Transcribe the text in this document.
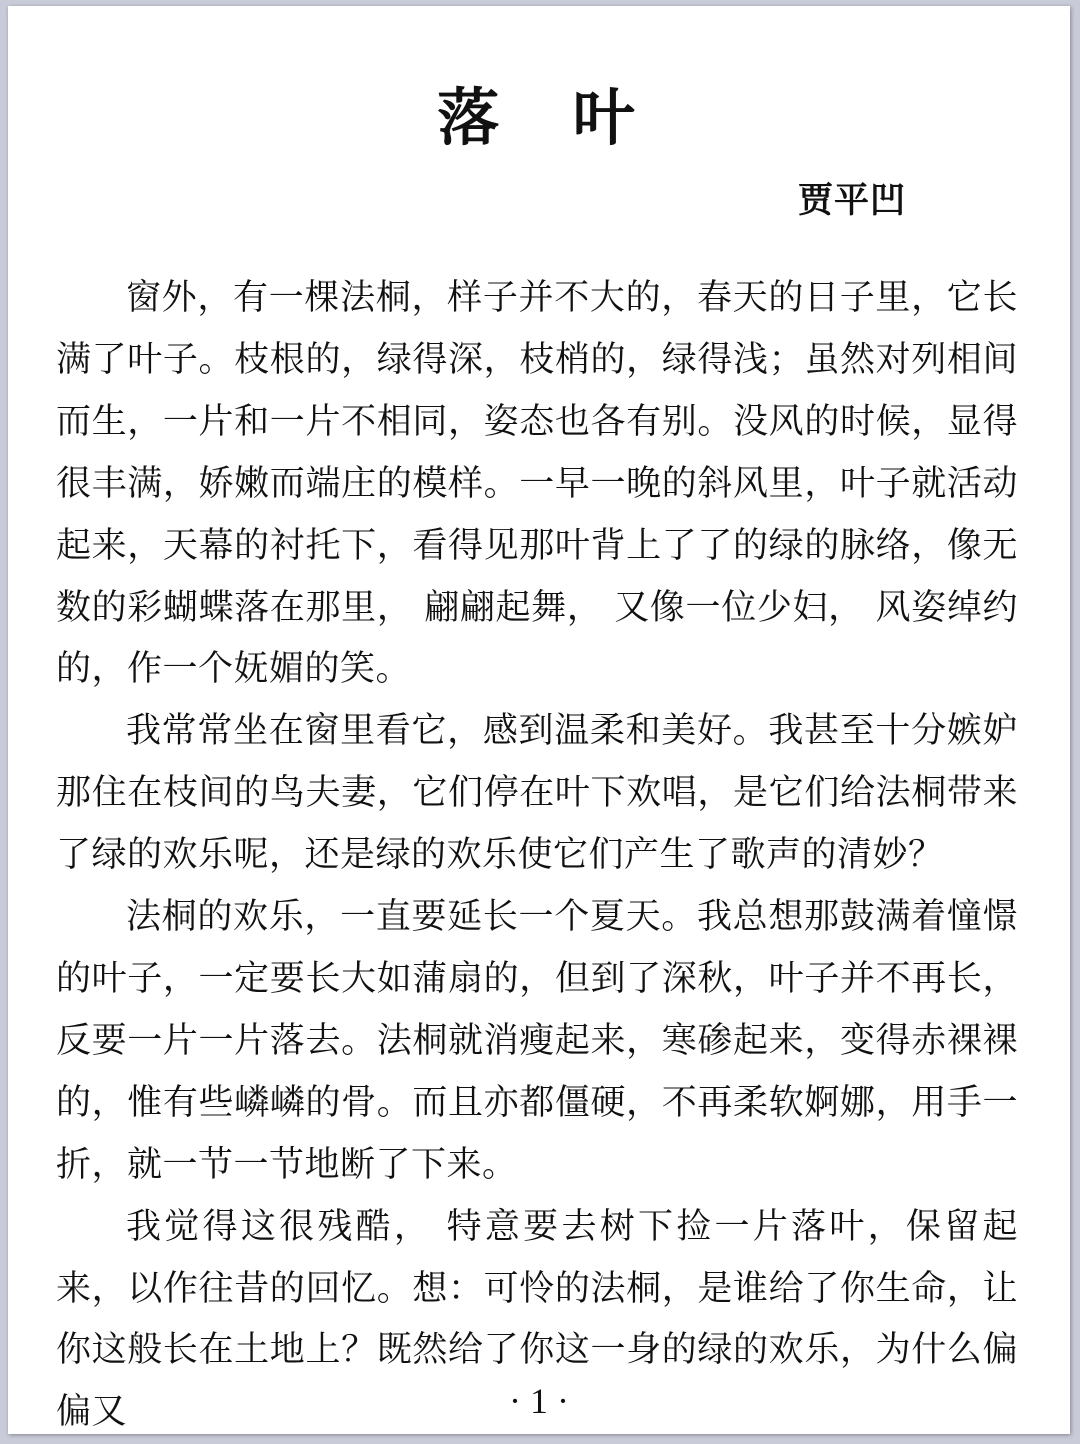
落 叶
贾平凹

窗外，有一棵法桐，样子并不大的，春天的日子里，它长满了叶子。枝根的，绿得深，枝梢的，绿得浅；虽然对列相间而生，一片和一片不相同，姿态也各有别。没风的时候，显得很丰满，娇嫩而端庄的模样。一早一晚的斜风里，叶子就活动起来，天幕的衬托下，看得见那叶背上了了的绿的脉络，像无数的彩蝴蝶落在那里， 翩翩起舞， 又像一位少妇， 风姿绰约的，作一个妩媚的笑。

我常常坐在窗里看它，感到温柔和美好。我甚至十分嫉妒那住在枝间的鸟夫妻，它们停在叶下欢唱，是它们给法桐带来了绿的欢乐呢，还是绿的欢乐使它们产生了歌声的清妙？

法桐的欢乐，一直要延长一个夏天。我总想那鼓满着憧憬的叶子，一定要长大如蒲扇的，但到了深秋，叶子并不再长，反要一片一片落去。法桐就消瘦起来，寒碜起来，变得赤裸裸的，惟有些嶙嶙的骨。而且亦都僵硬，不再柔软婀娜，用手一折，就一节一节地断了下来。

我觉得这很残酷， 特意要去树下捡一片落叶，保留起来，以作往昔的回忆。想：可怜的法桐，是谁给了你生命，让你这般长在土地上？既然给了你这一身的绿的欢乐，为什么偏偏又	· 1 ·
